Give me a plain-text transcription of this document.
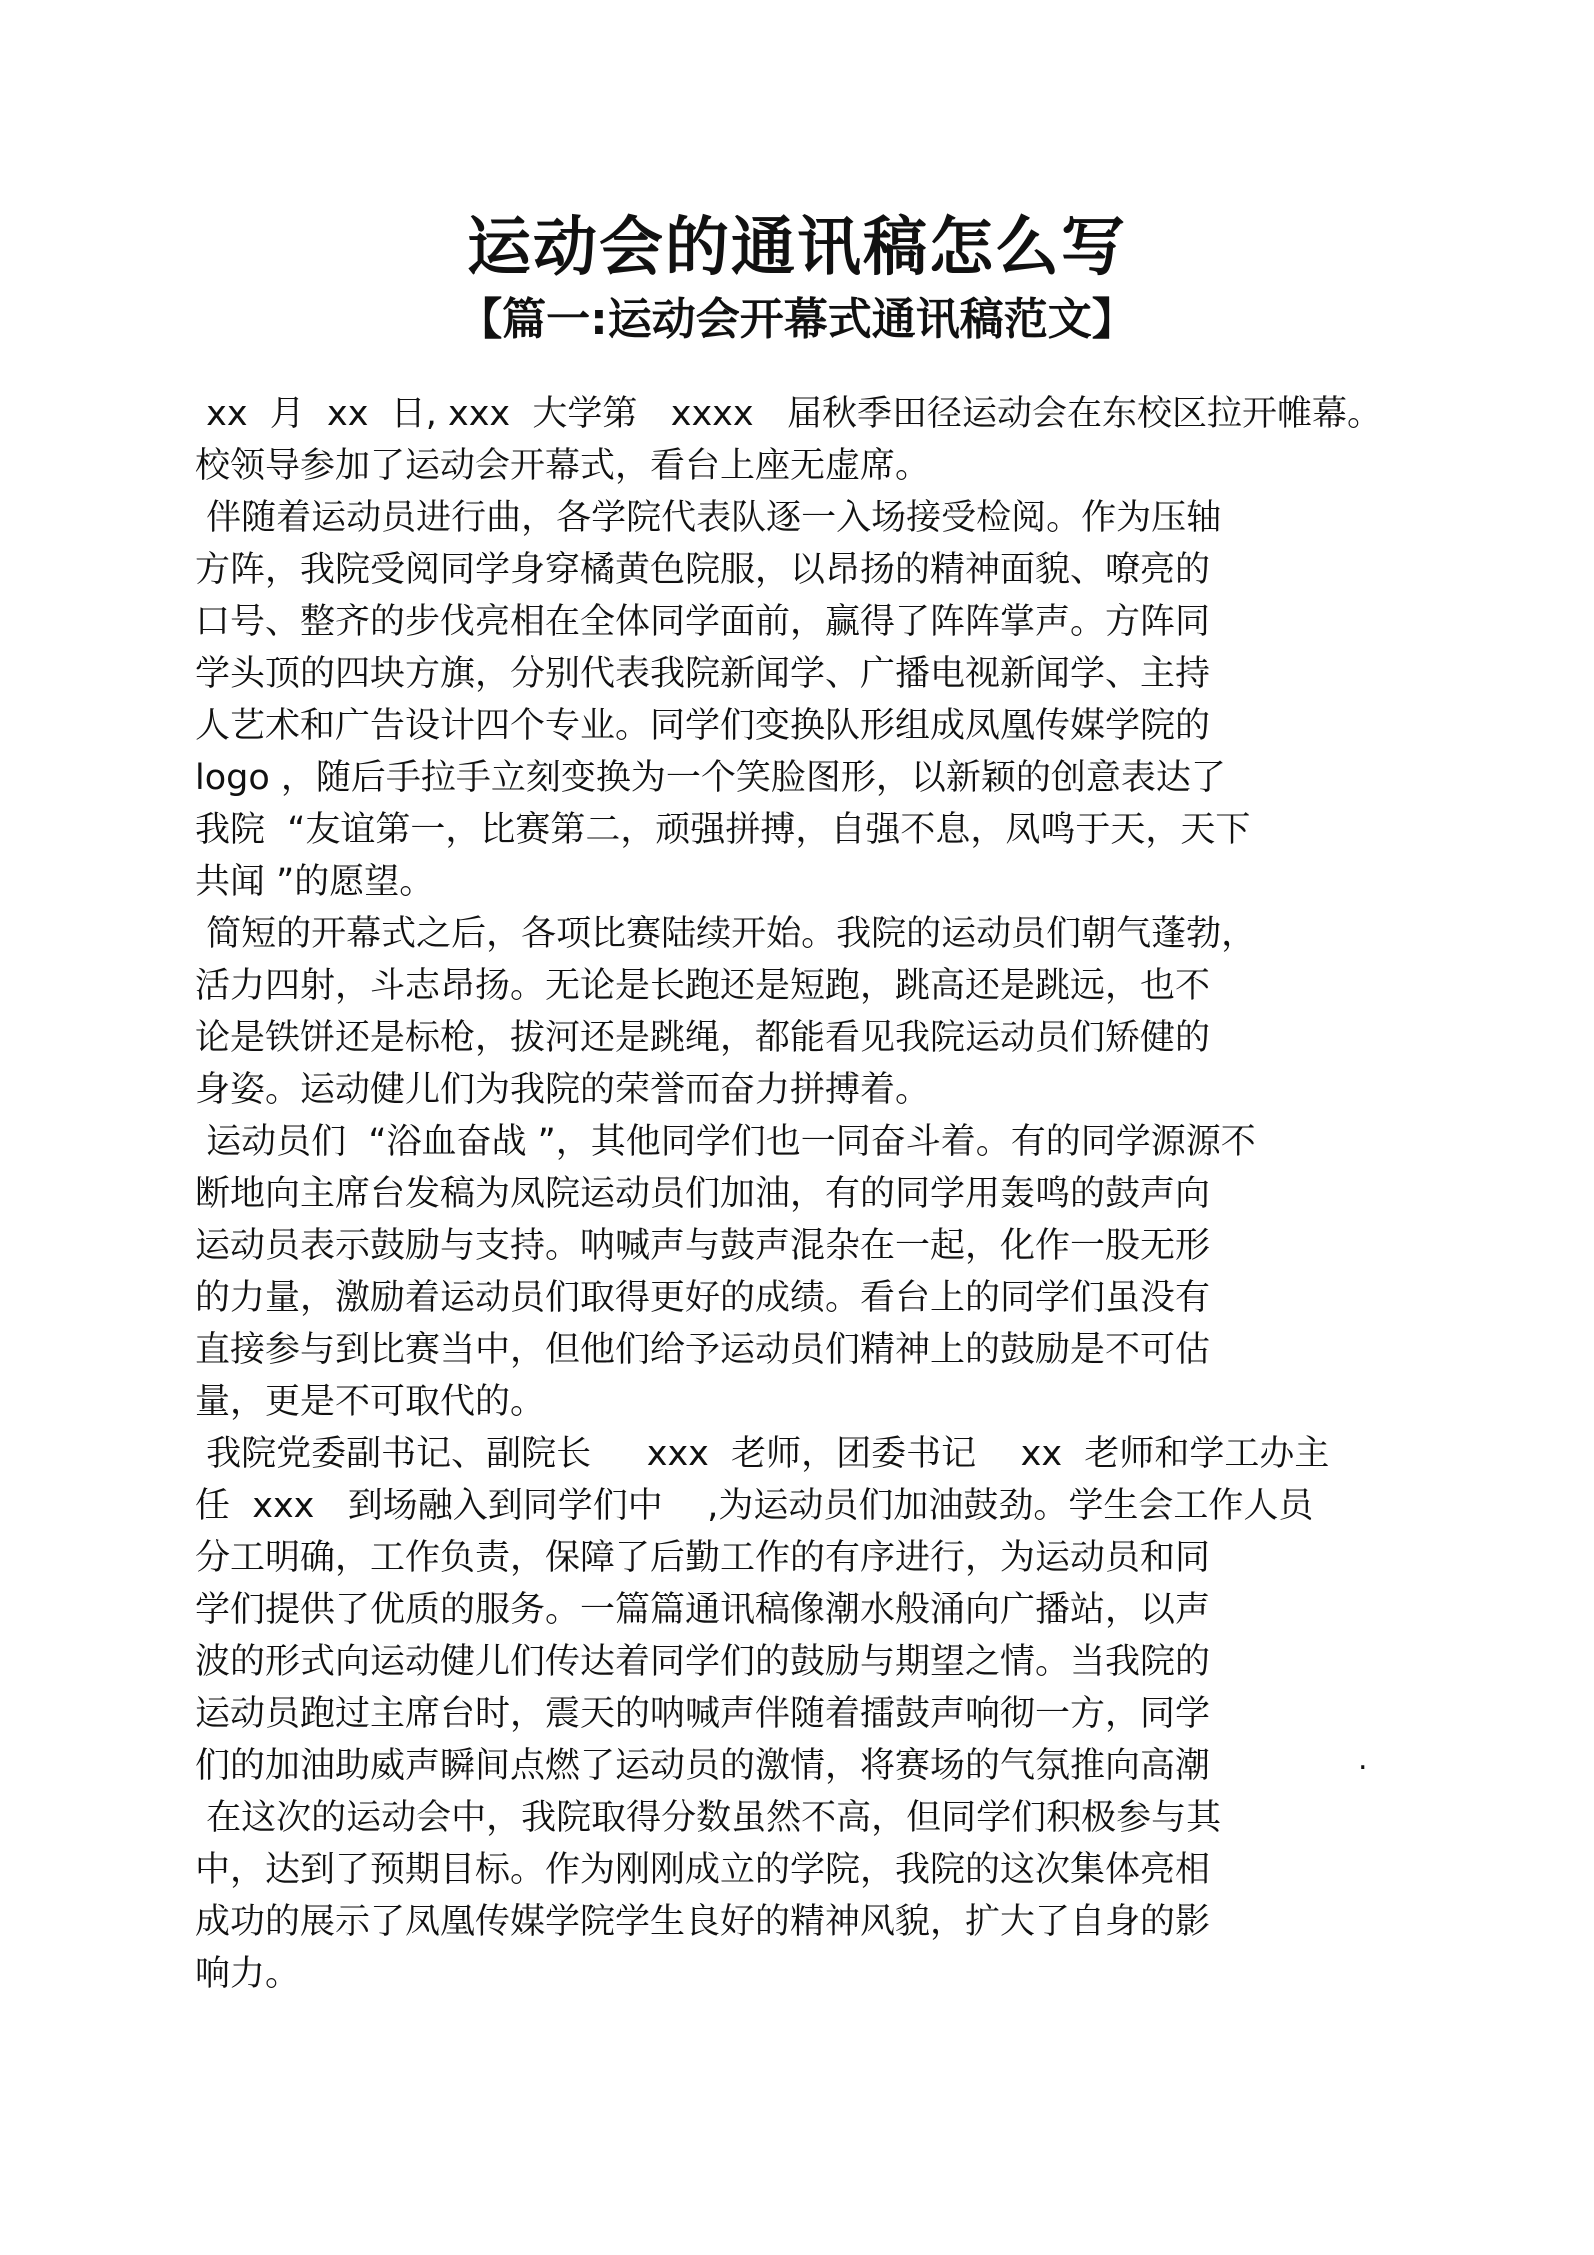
运动会的通讯稿怎么写
【篇一:运动会开幕式通讯稿范文】
xx  月  xx  日, xxx  大学第   xxxx   届秋季田径运动会在东校区拉开帷幕。
校领导参加了运动会开幕式，看台上座无虚席。
伴随着运动员进行曲，各学院代表队逐一入场接受检阅。作为压轴
方阵，我院受阅同学身穿橘黄色院服，以昂扬的精神面貌、嘹亮的
口号、整齐的步伐亮相在全体同学面前，赢得了阵阵掌声。方阵同
学头顶的四块方旗，分别代表我院新闻学、广播电视新闻学、主持
人艺术和广告设计四个专业。同学们变换队形组成凤凰传媒学院的
logo ，随后手拉手立刻变换为一个笑脸图形，以新颖的创意表达了
我院  “友谊第一，比赛第二，顽强拼搏，自强不息，凤鸣于天，天下
共闻 ”的愿望。
简短的开幕式之后，各项比赛陆续开始。我院的运动员们朝气蓬勃，
活力四射，斗志昂扬。无论是长跑还是短跑，跳高还是跳远，也不
论是铁饼还是标枪，拔河还是跳绳，都能看见我院运动员们矫健的
身姿。运动健儿们为我院的荣誉而奋力拼搏着。
运动员们  “浴血奋战 ”，其他同学们也一同奋斗着。有的同学源源不
断地向主席台发稿为凤院运动员们加油，有的同学用轰鸣的鼓声向
运动员表示鼓励与支持。呐喊声与鼓声混杂在一起，化作一股无形
的力量，激励着运动员们取得更好的成绩。看台上的同学们虽没有
直接参与到比赛当中，但他们给予运动员们精神上的鼓励是不可估
量，更是不可取代的。
我院党委副书记、副院长     xxx  老师，团委书记    xx  老师和学工办主
任  xxx   到场融入到同学们中    ,为运动员们加油鼓劲。学生会工作人员
分工明确，工作负责，保障了后勤工作的有序进行，为运动员和同
学们提供了优质的服务。一篇篇通讯稿像潮水般涌向广播站，以声
波的形式向运动健儿们传达着同学们的鼓励与期望之情。当我院的
运动员跑过主席台时，震天的呐喊声伴随着擂鼓声响彻一方，同学
们的加油助威声瞬间点燃了运动员的激情，将赛场的气氛推向高潮
在这次的运动会中，我院取得分数虽然不高，但同学们积极参与其
中，达到了预期目标。作为刚刚成立的学院，我院的这次集体亮相
成功的展示了凤凰传媒学院学生良好的精神风貌，扩大了自身的影
响力。
.
